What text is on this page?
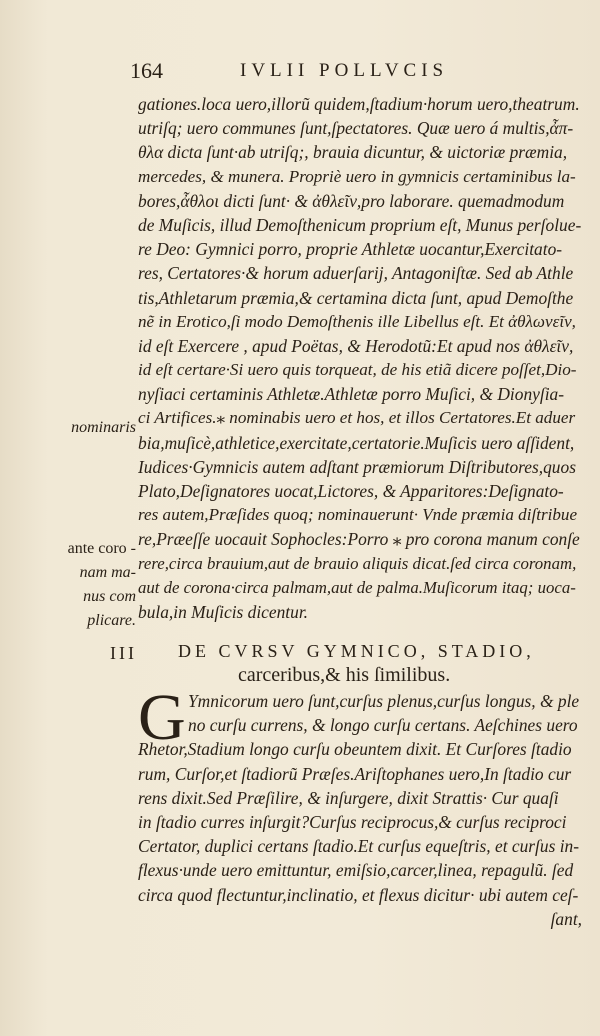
164	IVLII POLLVCIS
nominaris
ante coro -
nam ma-
nus com
plicare.
gationes.loca uero,illorũ quidem,ſtadium·horum uero,theatrum.
utriſq; uero communes ſunt,ſpectatores. Quæ uero á multis,ἆπ-
θλα dicta ſunt·ab utriſq;, brauia dicuntur, & uictoriæ præmia,
mercedes, & munera. Propriè uero in gymnicis certaminibus la-
bores,ἆθλοι dicti ſunt· & ἀθλεῖν,pro laborare. quemadmodum
de Muſicis, illud Demoſthenicum proprium eſt, Munus perſolue-
re Deo: Gymnici porro, proprie Athletæ uocantur,Exercitato-
res, Certatores·& horum aduerſarij, Antagoniſtæ. Sed ab Athle
tis,Athletarum præmia,& certamina dicta ſunt, apud Demoſthe
nẽ in Erotico,ſi modo Demoſthenis ille Libellus eſt. Et ἀθλωνεῖν,
id eſt Exercere , apud Poëtas, & Herodotũ:Et apud nos ἀθλεῖν,
id eſt certare·Si uero quis torqueat, de his etiã dicere poſſet,Dio-
nyſiaci certaminis Athletæ.Athletæ porro Muſici, & Dionyſia-
ci Artifices.⁎ nominabis uero et hos, et illos Certatores.Et aduer
bia,muſicè,athletice,exercitate,certatorie.Muſicis uero aſſident,
Iudices·Gymnicis autem adſtant præmiorum Diſtributores,quos
Plato,Deſignatores uocat,Lictores, & Apparitores:Deſignato-
res autem,Præſides quoq; nominauerunt· Vnde præmia diſtribue
re,Præeſſe uocauit Sophocles:Porro ⁎ pro corona manum conſe
rere,circa brauium,aut de brauio aliquis dicat.ſed circa coronam,
aut de corona·circa palmam,aut de palma.Muſicorum itaq; uoca-
bula,in Muſicis dicentur.
III DE CVRSV GYMNICO, STADIO,
carceribus,& his ſimilibus.
G Ymnicorum uero ſunt,curſus plenus,curſus longus, & ple
no curſu currens, & longo curſu certans. Aeſchines uero
Rhetor,Stadium longo curſu obeuntem dixit. Et Curſores ſtadio
rum, Curſor,et ſtadiorũ Præſes.Ariſtophanes uero,In ſtadio cur
rens dixit.Sed Præſilire, & inſurgere, dixit Strattis· Cur quaſi
in ſtadio curres inſurgit?Curſus reciprocus,& curſus reciproci
Certator, duplici certans ſtadio.Et curſus equeſtris, et curſus in-
flexus·unde uero emittuntur, emiſsio,carcer,linea, repagulũ. ſed
circa quod flectuntur,inclinatio, et flexus dicitur· ubi autem ceſ-
ſant,
